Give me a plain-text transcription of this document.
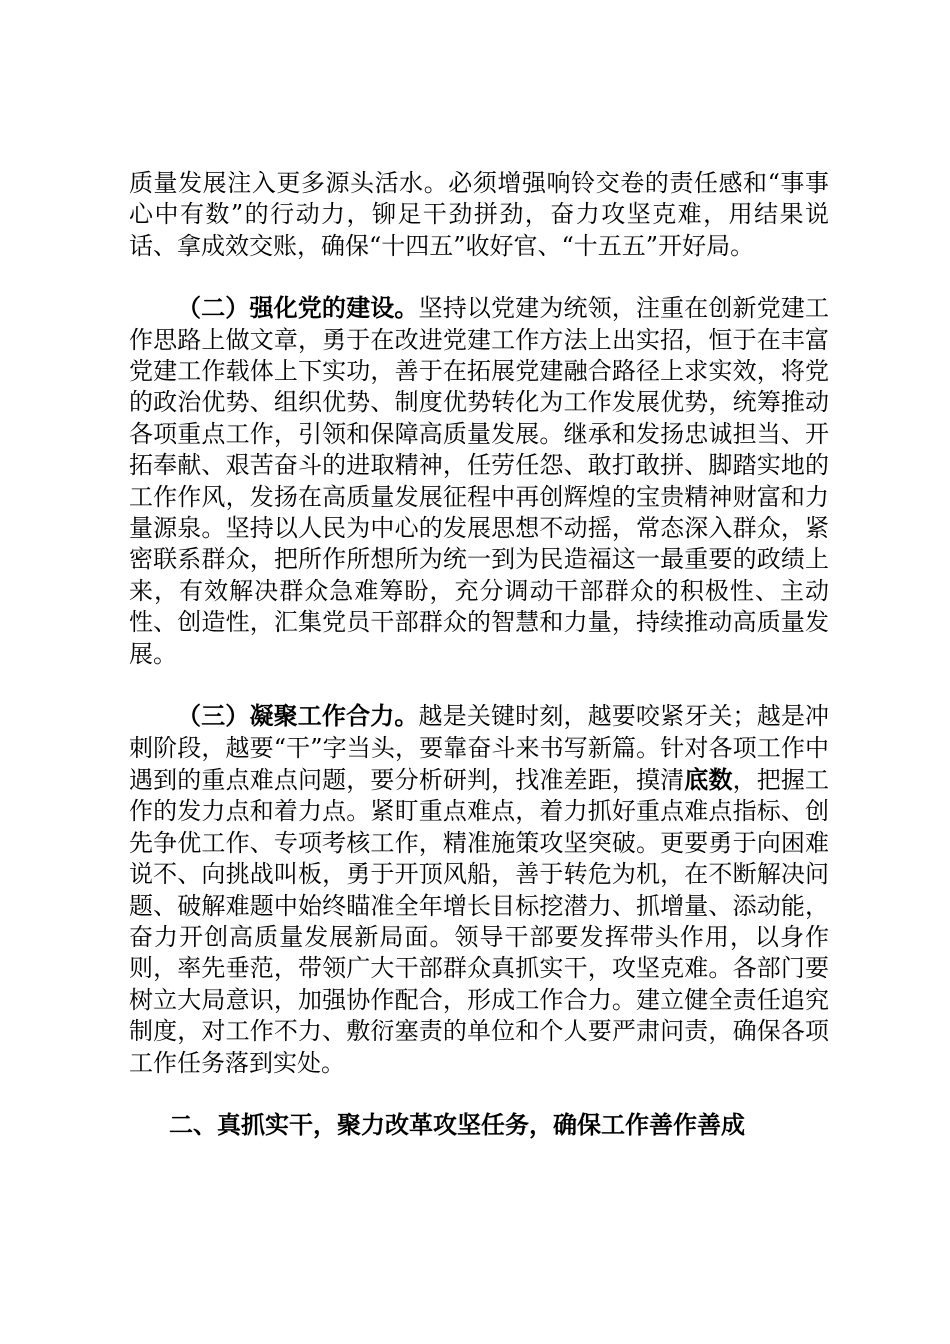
质量发展注入更多源头活水。必须增强响铃交卷的责任感和“事事心中有数”的行动力，铆足干劲拼劲，奋力攻坚克难，用结果说话、拿成效交账，确保“十四五”收好官、“十五五”开好局。

（二）强化党的建设。坚持以党建为统领，注重在创新党建工作思路上做文章，勇于在改进党建工作方法上出实招，恒于在丰富党建工作载体上下实功，善于在拓展党建融合路径上求实效，将党的政治优势、组织优势、制度优势转化为工作发展优势，统筹推动各项重点工作，引领和保障高质量发展。继承和发扬忠诚担当、开拓奉献、艰苦奋斗的进取精神，任劳任怨、敢打敢拼、脚踏实地的工作作风，发扬在高质量发展征程中再创辉煌的宝贵精神财富和力量源泉。坚持以人民为中心的发展思想不动摇，常态深入群众，紧密联系群众，把所作所想所为统一到为民造福这一最重要的政绩上来，有效解决群众急难筹盼，充分调动干部群众的积极性、主动性、创造性，汇集党员干部群众的智慧和力量，持续推动高质量发展。

（三）凝聚工作合力。越是关键时刻，越要咬紧牙关；越是冲刺阶段，越要“干”字当头，要靠奋斗来书写新篇。针对各项工作中遇到的重点难点问题，要分析研判，找准差距，摸清底数，把握工作的发力点和着力点。紧盯重点难点，着力抓好重点难点指标、创先争优工作、专项考核工作，精准施策攻坚突破。更要勇于向困难说不、向挑战叫板，勇于开顶风船，善于转危为机，在不断解决问题、破解难题中始终瞄准全年增长目标挖潜力、抓增量、添动能，奋力开创高质量发展新局面。领导干部要发挥带头作用，以身作则，率先垂范，带领广大干部群众真抓实干，攻坚克难。各部门要树立大局意识，加强协作配合，形成工作合力。建立健全责任追究制度，对工作不力、敷衍塞责的单位和个人要严肃问责，确保各项工作任务落到实处。

二、真抓实干，聚力改革攻坚任务，确保工作善作善成
